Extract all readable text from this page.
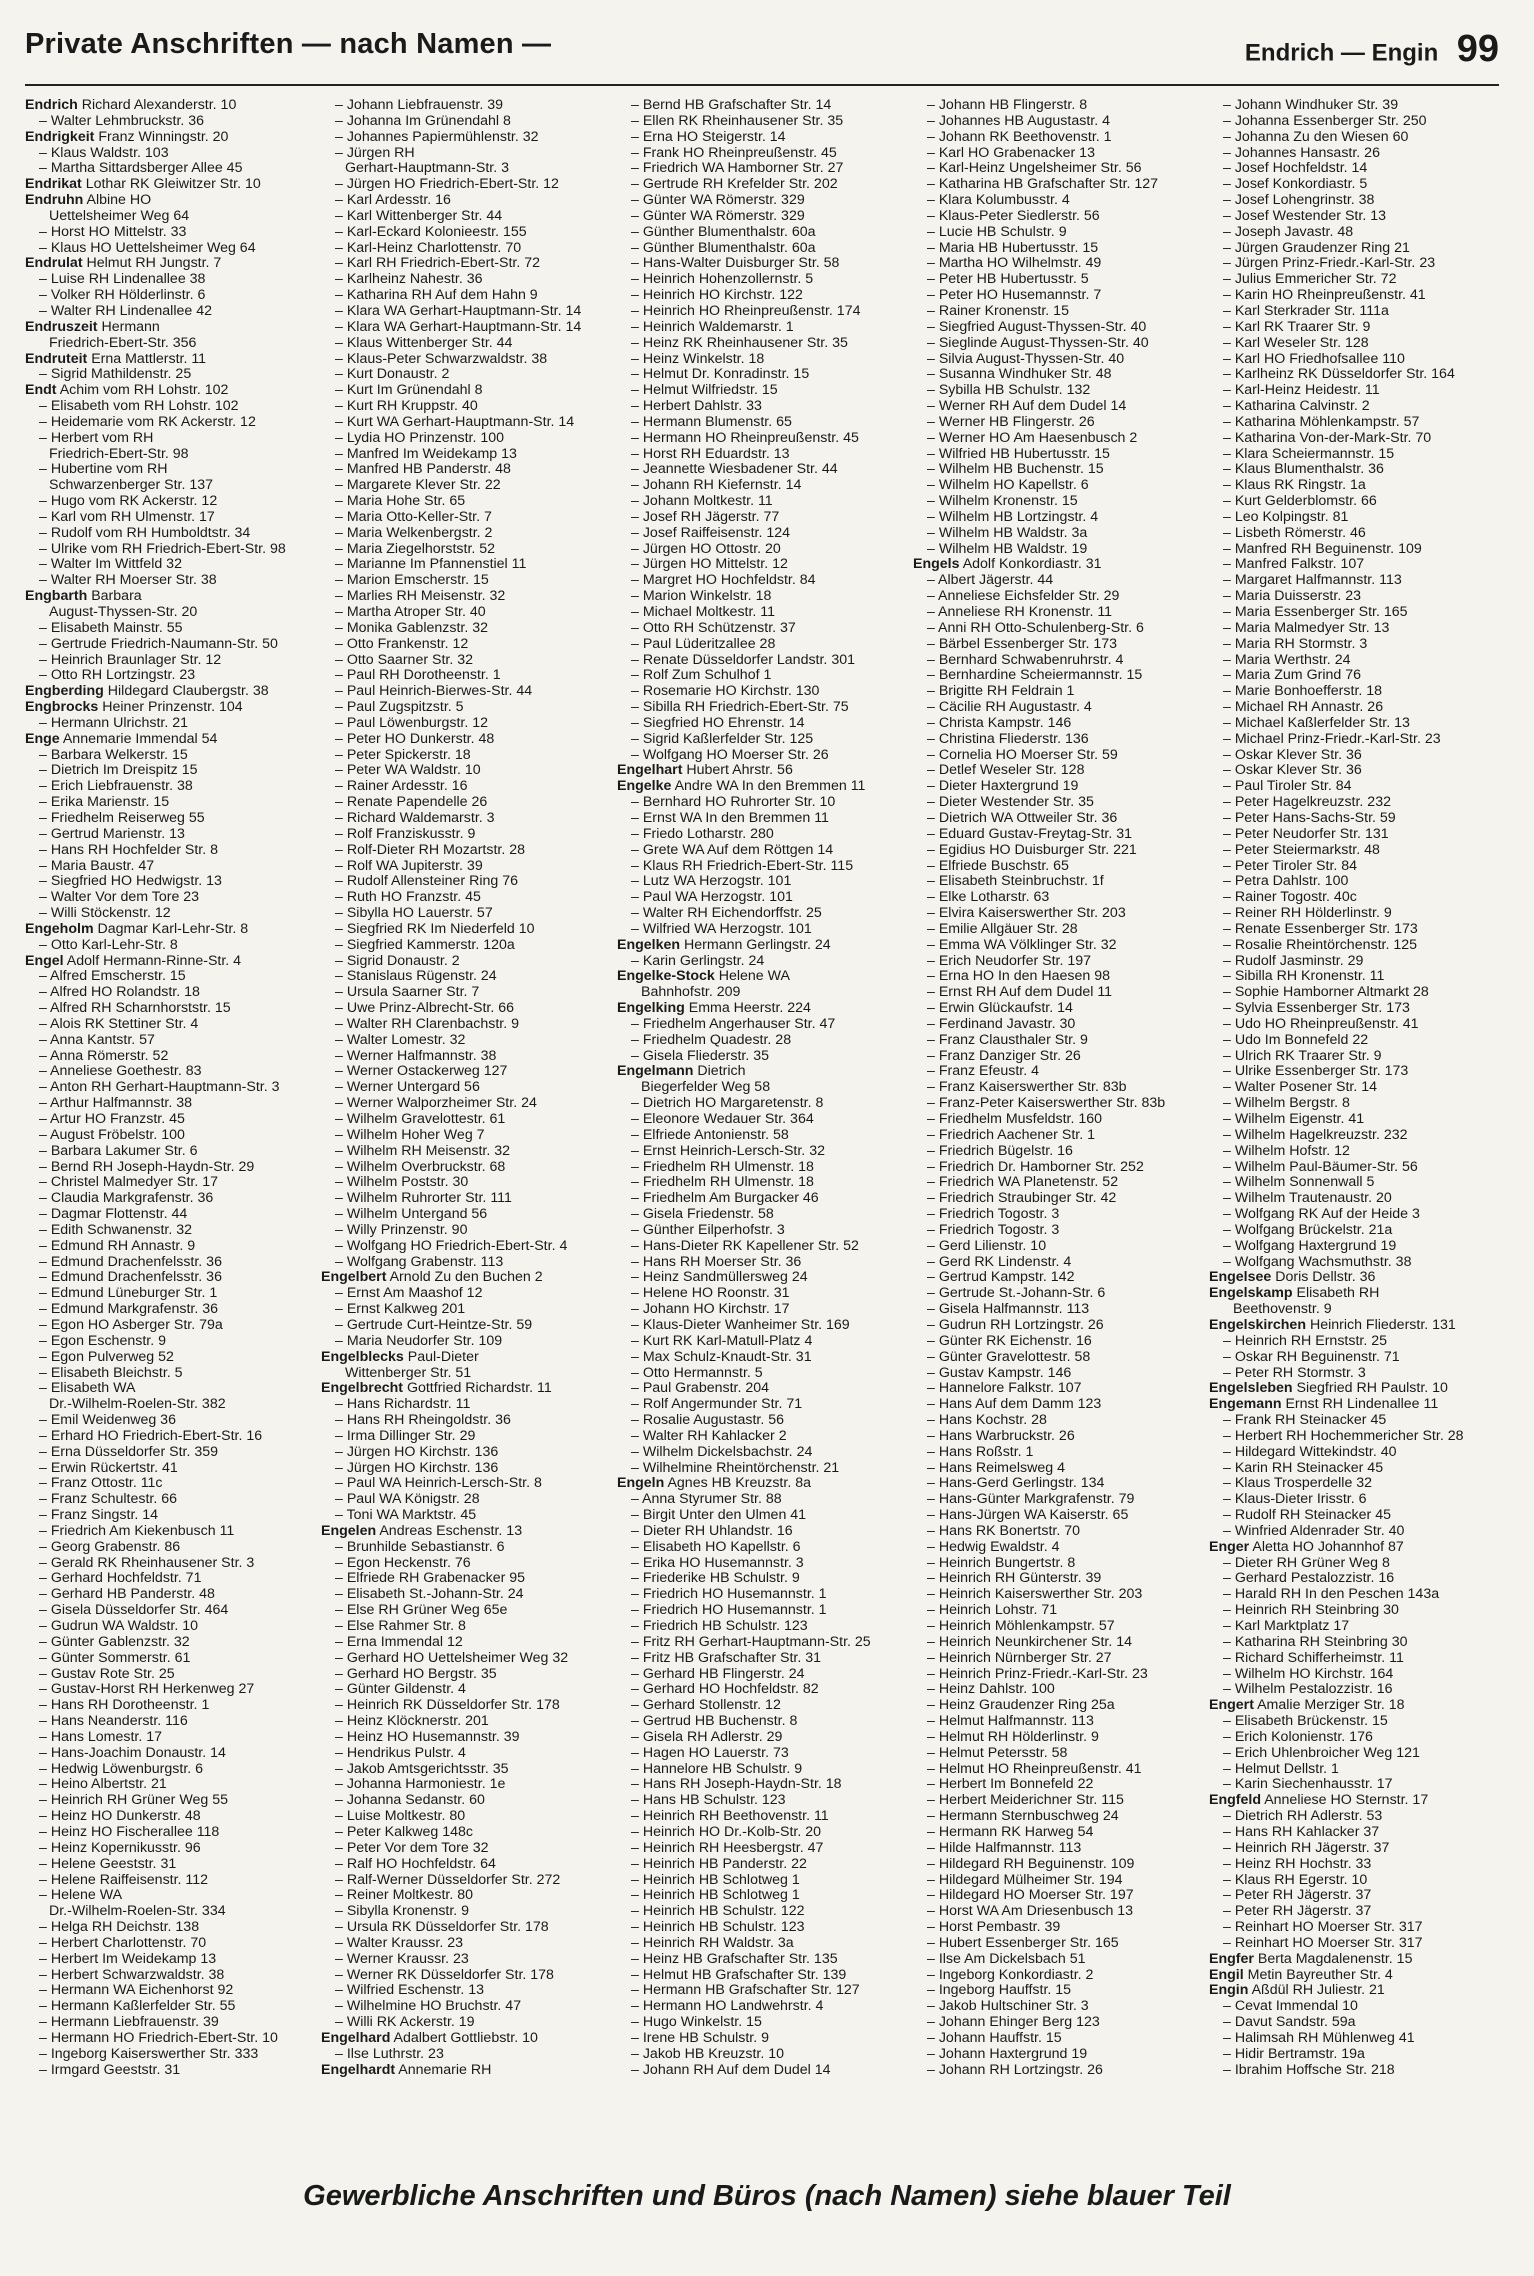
Private Anschriften — nach Namen —	Endrich — Engin 99
Endrich Richard Alexanderstr. 10
– Walter Lehmbruckstr. 36
Endrigkeit Franz Winningstr. 20
– Klaus Waldstr. 103
– Martha Sittardsberger Allee 45
Endrikat Lothar RK Gleiwitzer Str. 10
Endruhn Albine HO
Uettelsheimer Weg 64
– Horst HO Mittelstr. 33
– Klaus HO Uettelsheimer Weg 64
Endrulat Helmut RH Jungstr. 7
– Luise RH Lindenallee 38
– Volker RH Hölderlinstr. 6
– Walter RH Lindenallee 42
Endruszeit Hermann
Friedrich-Ebert-Str. 356
Endruteit Erna Mattlerstr. 11
– Sigrid Mathildenstr. 25
Endt Achim vom RH Lohstr. 102
– Elisabeth vom RH Lohstr. 102
– Heidemarie vom RK Ackerstr. 12
– Herbert vom RH
Friedrich-Ebert-Str. 98
– Hubertine vom RH
Schwarzenberger Str. 137
– Hugo vom RK Ackerstr. 12
– Karl vom RH Ulmenstr. 17
– Rudolf vom RH Humboldtstr. 34
– Ulrike vom RH Friedrich-Ebert-Str. 98
– Walter Im Wittfeld 32
– Walter RH Moerser Str. 38
Engbarth Barbara
August-Thyssen-Str. 20
– Elisabeth Mainstr. 55
– Gertrude Friedrich-Naumann-Str. 50
– Heinrich Braunlager Str. 12
– Otto RH Lortzingstr. 23
Engberding Hildegard Claubergstr. 38
Engbrocks Heiner Prinzenstr. 104
– Hermann Ulrichstr. 21
Enge Annemarie Immendal 54
– Barbara Welkerstr. 15
– Dietrich Im Dreispitz 15
– Erich Liebfrauenstr. 38
– Erika Marienstr. 15
– Friedhelm Reiserweg 55
– Gertrud Marienstr. 13
– Hans RH Hochfelder Str. 8
– Maria Baustr. 47
– Siegfried HO Hedwigstr. 13
– Walter Vor dem Tore 23
– Willi Stöckenstr. 12
Engeholm Dagmar Karl-Lehr-Str. 8
– Otto Karl-Lehr-Str. 8
Engel Adolf Hermann-Rinne-Str. 4
– Alfred Emscherstr. 15
– Alfred HO Rolandstr. 18
– Alfred RH Scharnhorststr. 15
– Alois RK Stettiner Str. 4
– Anna Kantstr. 57
– Anna Römerstr. 52
– Anneliese Goethestr. 83
– Anton RH Gerhart-Hauptmann-Str. 3
– Arthur Halfmannstr. 38
– Artur HO Franzstr. 45
– August Fröbelstr. 100
– Barbara Lakumer Str. 6
– Bernd RH Joseph-Haydn-Str. 29
– Christel Malmedyer Str. 17
– Claudia Markgrafenstr. 36
– Dagmar Flottenstr. 44
– Edith Schwanenstr. 32
– Edmund RH Annastr. 9
– Edmund Drachenfelsstr. 36
– Edmund Drachenfelsstr. 36
– Edmund Lüneburger Str. 1
– Edmund Markgrafenstr. 36
– Egon HO Asberger Str. 79a
– Egon Eschenstr. 9
– Egon Pulverweg 52
– Elisabeth Bleichstr. 5
– Elisabeth WA
Dr.-Wilhelm-Roelen-Str. 382
– Emil Weidenweg 36
– Erhard HO Friedrich-Ebert-Str. 16
– Erna Düsseldorfer Str. 359
– Erwin Rückertstr. 41
– Franz Ottostr. 11c
– Franz Schultestr. 66
– Franz Singstr. 14
– Friedrich Am Kiekenbusch 11
– Georg Grabenstr. 86
– Gerald RK Rheinhausener Str. 3
– Gerhard Hochfeldstr. 71
– Gerhard HB Panderstr. 48
– Gisela Düsseldorfer Str. 464
– Gudrun WA Waldstr. 10
– Günter Gablenzstr. 32
– Günter Sommerstr. 61
– Gustav Rote Str. 25
– Gustav-Horst RH Herkenweg 27
– Hans RH Dorotheenstr. 1
– Hans Neanderstr. 116
– Hans Lomestr. 17
– Hans-Joachim Donaustr. 14
– Hedwig Löwenburgstr. 6
– Heino Albertstr. 21
– Heinrich RH Grüner Weg 55
– Heinz HO Dunkerstr. 48
– Heinz HO Fischerallee 118
– Heinz Kopernikusstr. 96
– Helene Geeststr. 31
– Helene Raiffeisenstr. 112
– Helene WA
Dr.-Wilhelm-Roelen-Str. 334
– Helga RH Deichstr. 138
– Herbert Charlottenstr. 70
– Herbert Im Weidekamp 13
– Herbert Schwarzwaldstr. 38
– Hermann WA Eichenhorst 92
– Hermann Kaßlerfelder Str. 55
– Hermann Liebfrauenstr. 39
– Hermann HO Friedrich-Ebert-Str. 10
– Ingeborg Kaiserswerther Str. 333
– Irmgard Geeststr. 31
– Johann Liebfrauenstr. 39
– Johanna Im Grünendahl 8
– Johannes Papiermühlenstr. 32
– Jürgen RH
Gerhart-Hauptmann-Str. 3
– Jürgen HO Friedrich-Ebert-Str. 12
– Karl Ardesstr. 16
– Karl Wittenberger Str. 44
– Karl-Eckard Kolonieestr. 155
– Karl-Heinz Charlottenstr. 70
– Karl RH Friedrich-Ebert-Str. 72
– Karlheinz Nahestr. 36
– Katharina RH Auf dem Hahn 9
– Klara WA Gerhart-Hauptmann-Str. 14
– Klara WA Gerhart-Hauptmann-Str. 14
– Klaus Wittenberger Str. 44
– Klaus-Peter Schwarzwaldstr. 38
– Kurt Donaustr. 2
– Kurt Im Grünendahl 8
– Kurt RH Kruppstr. 40
– Kurt WA Gerhart-Hauptmann-Str. 14
– Lydia HO Prinzenstr. 100
– Manfred Im Weidekamp 13
– Manfred HB Panderstr. 48
– Margarete Klever Str. 22
– Maria Hohe Str. 65
– Maria Otto-Keller-Str. 7
– Maria Welkenbergstr. 2
– Maria Ziegelhorststr. 52
– Marianne Im Pfannenstiel 11
– Marion Emscherstr. 15
– Marlies RH Meisenstr. 32
– Martha Atroper Str. 40
– Monika Gablenzstr. 32
– Otto Frankenstr. 12
– Otto Saarner Str. 32
– Paul RH Dorotheenstr. 1
– Paul Heinrich-Bierwes-Str. 44
– Paul Zugspitzstr. 5
– Paul Löwenburgstr. 12
– Peter HO Dunkerstr. 48
– Peter Spickerstr. 18
– Peter WA Waldstr. 10
– Rainer Ardesstr. 16
– Renate Papendelle 26
– Richard Waldemarstr. 3
– Rolf Franziskusstr. 9
– Rolf-Dieter RH Mozartstr. 28
– Rolf WA Jupiterstr. 39
– Rudolf Allensteiner Ring 76
– Ruth HO Franzstr. 45
– Sibylla HO Lauerstr. 57
– Siegfried RK Im Niederfeld 10
– Siegfried Kammerstr. 120a
– Sigrid Donaustr. 2
– Stanislaus Rügenstr. 24
– Ursula Saarner Str. 7
– Uwe Prinz-Albrecht-Str. 66
– Walter RH Clarenbachstr. 9
– Walter Lomestr. 32
– Werner Halfmannstr. 38
– Werner Ostackerweg 127
– Werner Untergard 56
– Werner Walporzheimer Str. 24
– Wilhelm Gravelottestr. 61
– Wilhelm Hoher Weg 7
– Wilhelm RH Meisenstr. 32
– Wilhelm Overbruckstr. 68
– Wilhelm Poststr. 30
– Wilhelm Ruhrorter Str. 111
– Wilhelm Untergand 56
– Willy Prinzenstr. 90
– Wolfgang HO Friedrich-Ebert-Str. 4
– Wolfgang Grabenstr. 113
Engelbert Arnold Zu den Buchen 2
– Ernst Am Maashof 12
– Ernst Kalkweg 201
– Gertrude Curt-Heintze-Str. 59
– Maria Neudorfer Str. 109
Engelblecks Paul-Dieter
Wittenberger Str. 51
Engelbrecht Gottfried Richardstr. 11
– Hans Richardstr. 11
– Hans RH Rheingoldstr. 36
– Irma Dillinger Str. 29
– Jürgen HO Kirchstr. 136
– Jürgen HO Kirchstr. 136
– Paul WA Heinrich-Lersch-Str. 8
– Paul WA Königstr. 28
– Toni WA Marktstr. 45
Engelen Andreas Eschenstr. 13
– Brunhilde Sebastianstr. 6
– Egon Heckenstr. 76
– Elfriede RH Grabenacker 95
– Elisabeth St.-Johann-Str. 24
– Else RH Grüner Weg 65e
– Else Rahmer Str. 8
– Erna Immendal 12
– Gerhard HO Uettelsheimer Weg 32
– Gerhard HO Bergstr. 35
– Günter Gildenstr. 4
– Heinrich RK Düsseldorfer Str. 178
– Heinz Klöcknerstr. 201
– Heinz HO Husemannstr. 39
– Hendrikus Pulstr. 4
– Jakob Amtsgerichtsstr. 35
– Johanna Harmoniestr. 1e
– Johanna Sedanstr. 60
– Luise Moltkestr. 80
– Peter Kalkweg 148c
– Peter Vor dem Tore 32
– Ralf HO Hochfeldstr. 64
– Ralf-Werner Düsseldorfer Str. 272
– Reiner Moltkestr. 80
– Sibylla Kronenstr. 9
– Ursula RK Düsseldorfer Str. 178
– Walter Kraussr. 23
– Werner Kraussr. 23
– Werner RK Düsseldorfer Str. 178
– Wilfried Eschenstr. 13
– Wilhelmine HO Bruchstr. 47
– Willi RK Ackerstr. 19
Engelhard Adalbert Gottliebstr. 10
– Ilse Luthrstr. 23
Engelhardt Annemarie RH
– Bernd HB Grafschafter Str. 14
– Ellen RK Rheinhausener Str. 35
– Erna HO Steigerstr. 14
– Frank HO Rheinpreußenstr. 45
– Friedrich WA Hamborner Str. 27
– Gertrude RH Krefelder Str. 202
– Günter WA Römerstr. 329
– Günter WA Römerstr. 329
– Günther Blumenthalstr. 60a
– Günther Blumenthalstr. 60a
– Hans-Walter Duisburger Str. 58
– Heinrich Hohenzollernstr. 5
– Heinrich HO Kirchstr. 122
– Heinrich HO Rheinpreußenstr. 174
– Heinrich Waldemarstr. 1
– Heinz RK Rheinhausener Str. 35
– Heinz Winkelstr. 18
– Helmut Dr. Konradinstr. 15
– Helmut Wilfriedstr. 15
– Herbert Dahlstr. 33
– Hermann Blumenstr. 65
– Hermann HO Rheinpreußenstr. 45
– Horst RH Eduardstr. 13
– Jeannette Wiesbadener Str. 44
– Johann RH Kiefernstr. 14
– Johann Moltkestr. 11
– Josef RH Jägerstr. 77
– Josef Raiffeisenstr. 124
– Jürgen HO Ottostr. 20
– Jürgen HO Mittelstr. 12
– Margret HO Hochfeldstr. 84
– Marion Winkelstr. 18
– Michael Moltkestr. 11
– Otto RH Schützenstr. 37
– Paul Lüderitzallee 28
– Renate Düsseldorfer Landstr. 301
– Rolf Zum Schulhof 1
– Rosemarie HO Kirchstr. 130
– Sibilla RH Friedrich-Ebert-Str. 75
– Siegfried HO Ehrenstr. 14
– Sigrid Kaßlerfelder Str. 125
– Wolfgang HO Moerser Str. 26
Engelhart Hubert Ahrstr. 56
Engelke Andre WA In den Bremmen 11
– Bernhard HO Ruhrorter Str. 10
– Ernst WA In den Bremmen 11
– Friedo Lotharstr. 280
– Grete WA Auf dem Röttgen 14
– Klaus RH Friedrich-Ebert-Str. 115
– Lutz WA Herzogstr. 101
– Paul WA Herzogstr. 101
– Walter RH Eichendorffstr. 25
– Wilfried WA Herzogstr. 101
Engelken Hermann Gerlingstr. 24
– Karin Gerlingstr. 24
Engelke-Stock Helene WA
Bahnhofstr. 209
Engelking Emma Heerstr. 224
– Friedhelm Angerhauser Str. 47
– Friedhelm Quadestr. 28
– Gisela Fliederstr. 35
Engelmann Dietrich
Biegerfelder Weg 58
– Dietrich HO Margaretenstr. 8
– Eleonore Wedauer Str. 364
– Elfriede Antonienstr. 58
– Ernst Heinrich-Lersch-Str. 32
– Friedhelm RH Ulmenstr. 18
– Friedhelm RH Ulmenstr. 18
– Friedhelm Am Burgacker 46
– Gisela Friedenstr. 58
– Günther Eilperhofstr. 3
– Hans-Dieter RK Kapellener Str. 52
– Hans RH Moerser Str. 36
– Heinz Sandmüllersweg 24
– Helene HO Roonstr. 31
– Johann HO Kirchstr. 17
– Klaus-Dieter Wanheimer Str. 169
– Kurt RK Karl-Matull-Platz 4
– Max Schulz-Knaudt-Str. 31
– Otto Hermannstr. 5
– Paul Grabenstr. 204
– Rolf Angermunder Str. 71
– Rosalie Augustastr. 56
– Walter RH Kahlacker 2
– Wilhelm Dickelsbachstr. 24
– Wilhelmine Rheintörchenstr. 21
Engeln Agnes HB Kreuzstr. 8a
– Anna Styrumer Str. 88
– Birgit Unter den Ulmen 41
– Dieter RH Uhlandstr. 16
– Elisabeth HO Kapellstr. 6
– Erika HO Husemannstr. 3
– Friederike HB Schulstr. 9
– Friedrich HO Husemannstr. 1
– Friedrich HO Husemannstr. 1
– Friedrich HB Schulstr. 123
– Fritz RH Gerhart-Hauptmann-Str. 25
– Fritz HB Grafschafter Str. 31
– Gerhard HB Flingerstr. 24
– Gerhard HO Hochfeldstr. 82
– Gerhard Stollenstr. 12
– Gertrud HB Buchenstr. 8
– Gisela RH Adlerstr. 29
– Hagen HO Lauerstr. 73
– Hannelore HB Schulstr. 9
– Hans RH Joseph-Haydn-Str. 18
– Hans HB Schulstr. 123
– Heinrich RH Beethovenstr. 11
– Heinrich HO Dr.-Kolb-Str. 20
– Heinrich RH Heesbergstr. 47
– Heinrich HB Panderstr. 22
– Heinrich HB Schlotweg 1
– Heinrich HB Schlotweg 1
– Heinrich HB Schulstr. 122
– Heinrich HB Schulstr. 123
– Heinrich RH Waldstr. 3a
– Heinz HB Grafschafter Str. 135
– Helmut HB Grafschafter Str. 139
– Hermann HB Grafschafter Str. 127
– Hermann HO Landwehrstr. 4
– Hugo Winkelstr. 15
– Irene HB Schulstr. 9
– Jakob HB Kreuzstr. 10
– Johann RH Auf dem Dudel 14
– Johann HB Flingerstr. 8
– Johannes HB Augustastr. 4
– Johann RK Beethovenstr. 1
– Karl HO Grabenacker 13
– Karl-Heinz Ungelsheimer Str. 56
– Katharina HB Grafschafter Str. 127
– Klara Kolumbusstr. 4
– Klaus-Peter Siedlerstr. 56
– Lucie HB Schulstr. 9
– Maria HB Hubertusstr. 15
– Martha HO Wilhelmstr. 49
– Peter HB Hubertusstr. 5
– Peter HO Husemannstr. 7
– Rainer Kronenstr. 15
– Siegfried August-Thyssen-Str. 40
– Sieglinde August-Thyssen-Str. 40
– Silvia August-Thyssen-Str. 40
– Susanna Windhuker Str. 48
– Sybilla HB Schulstr. 132
– Werner RH Auf dem Dudel 14
– Werner HB Flingerstr. 26
– Werner HO Am Haesenbusch 2
– Wilfried HB Hubertusstr. 15
– Wilhelm HB Buchenstr. 15
– Wilhelm HO Kapellstr. 6
– Wilhelm Kronenstr. 15
– Wilhelm HB Lortzingstr. 4
– Wilhelm HB Waldstr. 3a
– Wilhelm HB Waldstr. 19
Engels Adolf Konkordiastr. 31
– Albert Jägerstr. 44
– Anneliese Eichsfelder Str. 29
– Anneliese RH Kronenstr. 11
– Anni RH Otto-Schulenberg-Str. 6
– Bärbel Essenberger Str. 173
– Bernhard Schwabenruhrstr. 4
– Bernhardine Scheiermannstr. 15
– Brigitte RH Feldrain 1
– Cäcilie RH Augustastr. 4
– Christa Kampstr. 146
– Christina Fliederstr. 136
– Cornelia HO Moerser Str. 59
– Detlef Weseler Str. 128
– Dieter Haxtergrund 19
– Dieter Westender Str. 35
– Dietrich WA Ottweiler Str. 36
– Eduard Gustav-Freytag-Str. 31
– Egidius HO Duisburger Str. 221
– Elfriede Buschstr. 65
– Elisabeth Steinbruchstr. 1f
– Elke Lotharstr. 63
– Elvira Kaiserswerther Str. 203
– Emilie Allgäuer Str. 28
– Emma WA Völklinger Str. 32
– Erich Neudorfer Str. 197
– Erna HO In den Haesen 98
– Ernst RH Auf dem Dudel 11
– Erwin Glückaufstr. 14
– Ferdinand Javastr. 30
– Franz Clausthaler Str. 9
– Franz Danziger Str. 26
– Franz Efeustr. 4
– Franz Kaiserswerther Str. 83b
– Franz-Peter Kaiserswerther Str. 83b
– Friedhelm Musfeldstr. 160
– Friedrich Aachener Str. 1
– Friedrich Bügelstr. 16
– Friedrich Dr. Hamborner Str. 252
– Friedrich WA Planetenstr. 52
– Friedrich Straubinger Str. 42
– Friedrich Togostr. 3
– Friedrich Togostr. 3
– Gerd Lilienstr. 10
– Gerd RK Lindenstr. 4
– Gertrud Kampstr. 142
– Gertrude St.-Johann-Str. 6
– Gisela Halfmannstr. 113
– Gudrun RH Lortzingstr. 26
– Günter RK Eichenstr. 16
– Günter Gravelottestr. 58
– Gustav Kampstr. 146
– Hannelore Falkstr. 107
– Hans Auf dem Damm 123
– Hans Kochstr. 28
– Hans Warbruckstr. 26
– Hans Roßstr. 1
– Hans Reimelsweg 4
– Hans-Gerd Gerlingstr. 134
– Hans-Günter Markgrafenstr. 79
– Hans-Jürgen WA Kaiserstr. 65
– Hans RK Bonertstr. 70
– Hedwig Ewaldstr. 4
– Heinrich Bungertstr. 8
– Heinrich RH Günterstr. 39
– Heinrich Kaiserswerther Str. 203
– Heinrich Lohstr. 71
– Heinrich Möhlenkampstr. 57
– Heinrich Neunkirchener Str. 14
– Heinrich Nürnberger Str. 27
– Heinrich Prinz-Friedr.-Karl-Str. 23
– Heinz Dahlstr. 100
– Heinz Graudenzer Ring 25a
– Helmut Halfmannstr. 113
– Helmut RH Hölderlinstr. 9
– Helmut Petersstr. 58
– Helmut HO Rheinpreußenstr. 41
– Herbert Im Bonnefeld 22
– Herbert Meiderichner Str. 115
– Hermann Sternbuschweg 24
– Hermann RK Harweg 54
– Hilde Halfmannstr. 113
– Hildegard RH Beguinenstr. 109
– Hildegard Mülheimer Str. 194
– Hildegard HO Moerser Str. 197
– Horst WA Am Driesenbusch 13
– Horst Pembastr. 39
– Hubert Essenberger Str. 165
– Ilse Am Dickelsbach 51
– Ingeborg Konkordiastr. 2
– Ingeborg Hauffstr. 15
– Jakob Hultschiner Str. 3
– Johann Ehinger Berg 123
– Johann Hauffstr. 15
– Johann Haxtergrund 19
– Johann RH Lortzingstr. 26
– Johann Windhuker Str. 39
– Johanna Essenberger Str. 250
– Johanna Zu den Wiesen 60
– Johannes Hansastr. 26
– Josef Hochfeldstr. 14
– Josef Konkordiastr. 5
– Josef Lohengrinstr. 38
– Josef Westender Str. 13
– Joseph Javastr. 48
– Jürgen Graudenzer Ring 21
– Jürgen Prinz-Friedr.-Karl-Str. 23
– Julius Emmericher Str. 72
– Karin HO Rheinpreußenstr. 41
– Karl Sterkrader Str. 111a
– Karl RK Traarer Str. 9
– Karl Weseler Str. 128
– Karl HO Friedhofsallee 110
– Karlheinz RK Düsseldorfer Str. 164
– Karl-Heinz Heidestr. 11
– Katharina Calvinstr. 2
– Katharina Möhlenkampstr. 57
– Katharina Von-der-Mark-Str. 70
– Klara Scheiermannstr. 15
– Klaus Blumenthalstr. 36
– Klaus RK Ringstr. 1a
– Kurt Gelderblomstr. 66
– Leo Kolpingstr. 81
– Lisbeth Römerstr. 46
– Manfred RH Beguinenstr. 109
– Manfred Falkstr. 107
– Margaret Halfmannstr. 113
– Maria Duisserstr. 23
– Maria Essenberger Str. 165
– Maria Malmedyer Str. 13
– Maria RH Stormstr. 3
– Maria Werthstr. 24
– Maria Zum Grind 76
– Marie Bonhoefferstr. 18
– Michael RH Annastr. 26
– Michael Kaßlerfelder Str. 13
– Michael Prinz-Friedr.-Karl-Str. 23
– Oskar Klever Str. 36
– Oskar Klever Str. 36
– Paul Tiroler Str. 84
– Peter Hagelkreuzstr. 232
– Peter Hans-Sachs-Str. 59
– Peter Neudorfer Str. 131
– Peter Steiermarkstr. 48
– Peter Tiroler Str. 84
– Petra Dahlstr. 100
– Rainer Togostr. 40c
– Reiner RH Hölderlinstr. 9
– Renate Essenberger Str. 173
– Rosalie Rheintörchenstr. 125
– Rudolf Jasminstr. 29
– Sibilla RH Kronenstr. 11
– Sophie Hamborner Altmarkt 28
– Sylvia Essenberger Str. 173
– Udo HO Rheinpreußenstr. 41
– Udo Im Bonnefeld 22
– Ulrich RK Traarer Str. 9
– Ulrike Essenberger Str. 173
– Walter Posener Str. 14
– Wilhelm Bergstr. 8
– Wilhelm Eigenstr. 41
– Wilhelm Hagelkreuzstr. 232
– Wilhelm Hofstr. 12
– Wilhelm Paul-Bäumer-Str. 56
– Wilhelm Sonnenwall 5
– Wilhelm Trautenaustr. 20
– Wolfgang RK Auf der Heide 3
– Wolfgang Brückelstr. 21a
– Wolfgang Haxtergrund 19
– Wolfgang Wachsmuthstr. 38
Engelsee Doris Dellstr. 36
Engelskamp Elisabeth RH
Beethovenstr. 9
Engelskirchen Heinrich Fliederstr. 131
– Heinrich RH Ernststr. 25
– Oskar RH Beguinenstr. 71
– Peter RH Stormstr. 3
Engelsleben Siegfried RH Paulstr. 10
Engemann Ernst RH Lindenallee 11
– Frank RH Steinacker 45
– Herbert RH Hochemmericher Str. 28
– Hildegard Wittekindstr. 40
– Karin RH Steinacker 45
– Klaus Trosperdelle 32
– Klaus-Dieter Irisstr. 6
– Rudolf RH Steinacker 45
– Winfried Aldenrader Str. 40
Enger Aletta HO Johannhof 87
– Dieter RH Grüner Weg 8
– Gerhard Pestalozzistr. 16
– Harald RH In den Peschen 143a
– Heinrich RH Steinbring 30
– Karl Marktplatz 17
– Katharina RH Steinbring 30
– Richard Schifferheimstr. 11
– Wilhelm HO Kirchstr. 164
– Wilhelm Pestalozzistr. 16
Engert Amalie Merziger Str. 18
– Elisabeth Brückenstr. 15
– Erich Kolonienstr. 176
– Erich Uhlenbroicher Weg 121
– Helmut Dellstr. 1
– Karin Siechenhausstr. 17
Engfeld Anneliese HO Sternstr. 17
– Dietrich RH Adlerstr. 53
– Hans RH Kahlacker 37
– Heinrich RH Jägerstr. 37
– Heinz RH Hochstr. 33
– Klaus RH Egerstr. 10
– Peter RH Jägerstr. 37
– Peter RH Jägerstr. 37
– Reinhart HO Moerser Str. 317
– Reinhart HO Moerser Str. 317
Engfer Berta Magdalenenstr. 15
Engil Metin Bayreuther Str. 4
Engin Aßdül RH Juliestr. 21
– Cevat Immendal 10
– Davut Sandstr. 59a
– Halimsah RH Mühlenweg 41
– Hidir Bertramstr. 19a
– Ibrahim Hoffsche Str. 218
Gewerbliche Anschriften und Büros (nach Namen) siehe blauer Teil
